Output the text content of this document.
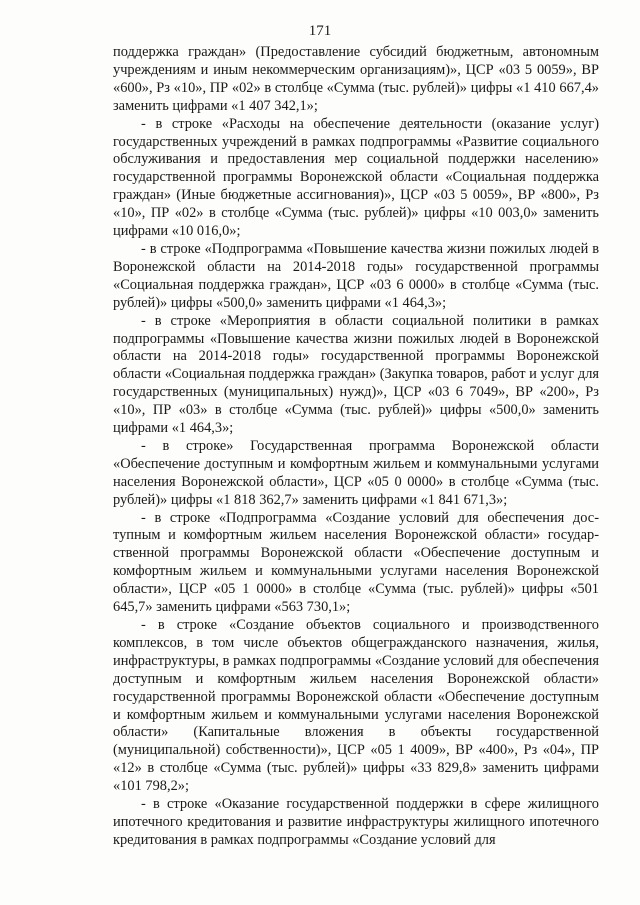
171

поддержка граждан» (Предоставление субсидий бюджетным, автономным учреждениям и иным некоммерческим организациям)», ЦСР «03 5 0059», ВР «600», Рз «10», ПР «02» в столбце «Сумма (тыс. рублей)» цифры «1 410 667,4» заменить цифрами «1 407 342,1»;

- в строке «Расходы на обеспечение деятельности (оказание услуг) государственных учреждений в рамках подпрограммы «Развитие социального обслуживания и предоставления мер социальной поддержки населению» государственной программы Воронежской области «Социальная поддержка граждан» (Иные бюджетные ассигнования)», ЦСР «03 5 0059», ВР «800», Рз «10», ПР «02» в столбце «Сумма (тыс. рублей)» цифры «10 003,0» заменить цифрами «10 016,0»;

- в строке «Подпрограмма «Повышение качества жизни пожилых людей в Воронежской области на 2014-2018 годы» государственной программы «Социальная поддержка граждан», ЦСР «03 6 0000» в столбце «Сумма (тыс. рублей)» цифры «500,0» заменить цифрами «1 464,3»;

- в строке «Мероприятия в области социальной политики в рамках подпрограммы «Повышение качества жизни пожилых людей в Воронежской области на 2014-2018 годы» государственной программы Воронежской области «Социальная поддержка граждан» (Закупка товаров, работ и услуг для государственных (муниципальных) нужд)», ЦСР «03 6 7049», ВР «200», Рз «10», ПР «03» в столбце «Сумма (тыс. рублей)» цифры «500,0» заменить цифрами «1 464,3»;

- в строке» Государственная программа Воронежской области «Обеспечение доступным и комфортным жильем и коммунальными услугами населения Воронежской области», ЦСР «05 0 0000» в столбце «Сумма (тыс. рублей)» цифры «1 818 362,7» заменить цифрами «1 841 671,3»;

- в строке «Подпрограмма «Создание условий для обеспечения доступным и комфортным жильем населения Воронежской области» государственной программы Воронежской области «Обеспечение доступным и комфортным жильем и коммунальными услугами населения Воронежской области», ЦСР «05 1 0000» в столбце «Сумма (тыс. рублей)» цифры «501 645,7» заменить цифрами «563 730,1»;

- в строке «Создание объектов социального и производственного комплексов, в том числе объектов общегражданского назначения, жилья, инфраструктуры, в рамках подпрограммы «Создание условий для обеспечения доступным и комфортным жильем населения Воронежской области» государственной программы Воронежской области «Обеспечение доступным и комфортным жильем и коммунальными услугами населения Воронежской области» (Капитальные вложения в объекты государственной (муниципальной) собственности)», ЦСР «05 1 4009», ВР «400», Рз «04», ПР «12» в столбце «Сумма (тыс. рублей)» цифры «33 829,8» заменить цифрами «101 798,2»;

- в строке «Оказание государственной поддержки в сфере жилищного ипотечного кредитования и развитие инфраструктуры жилищного ипотечного кредитования в рамках подпрограммы «Создание условий для
